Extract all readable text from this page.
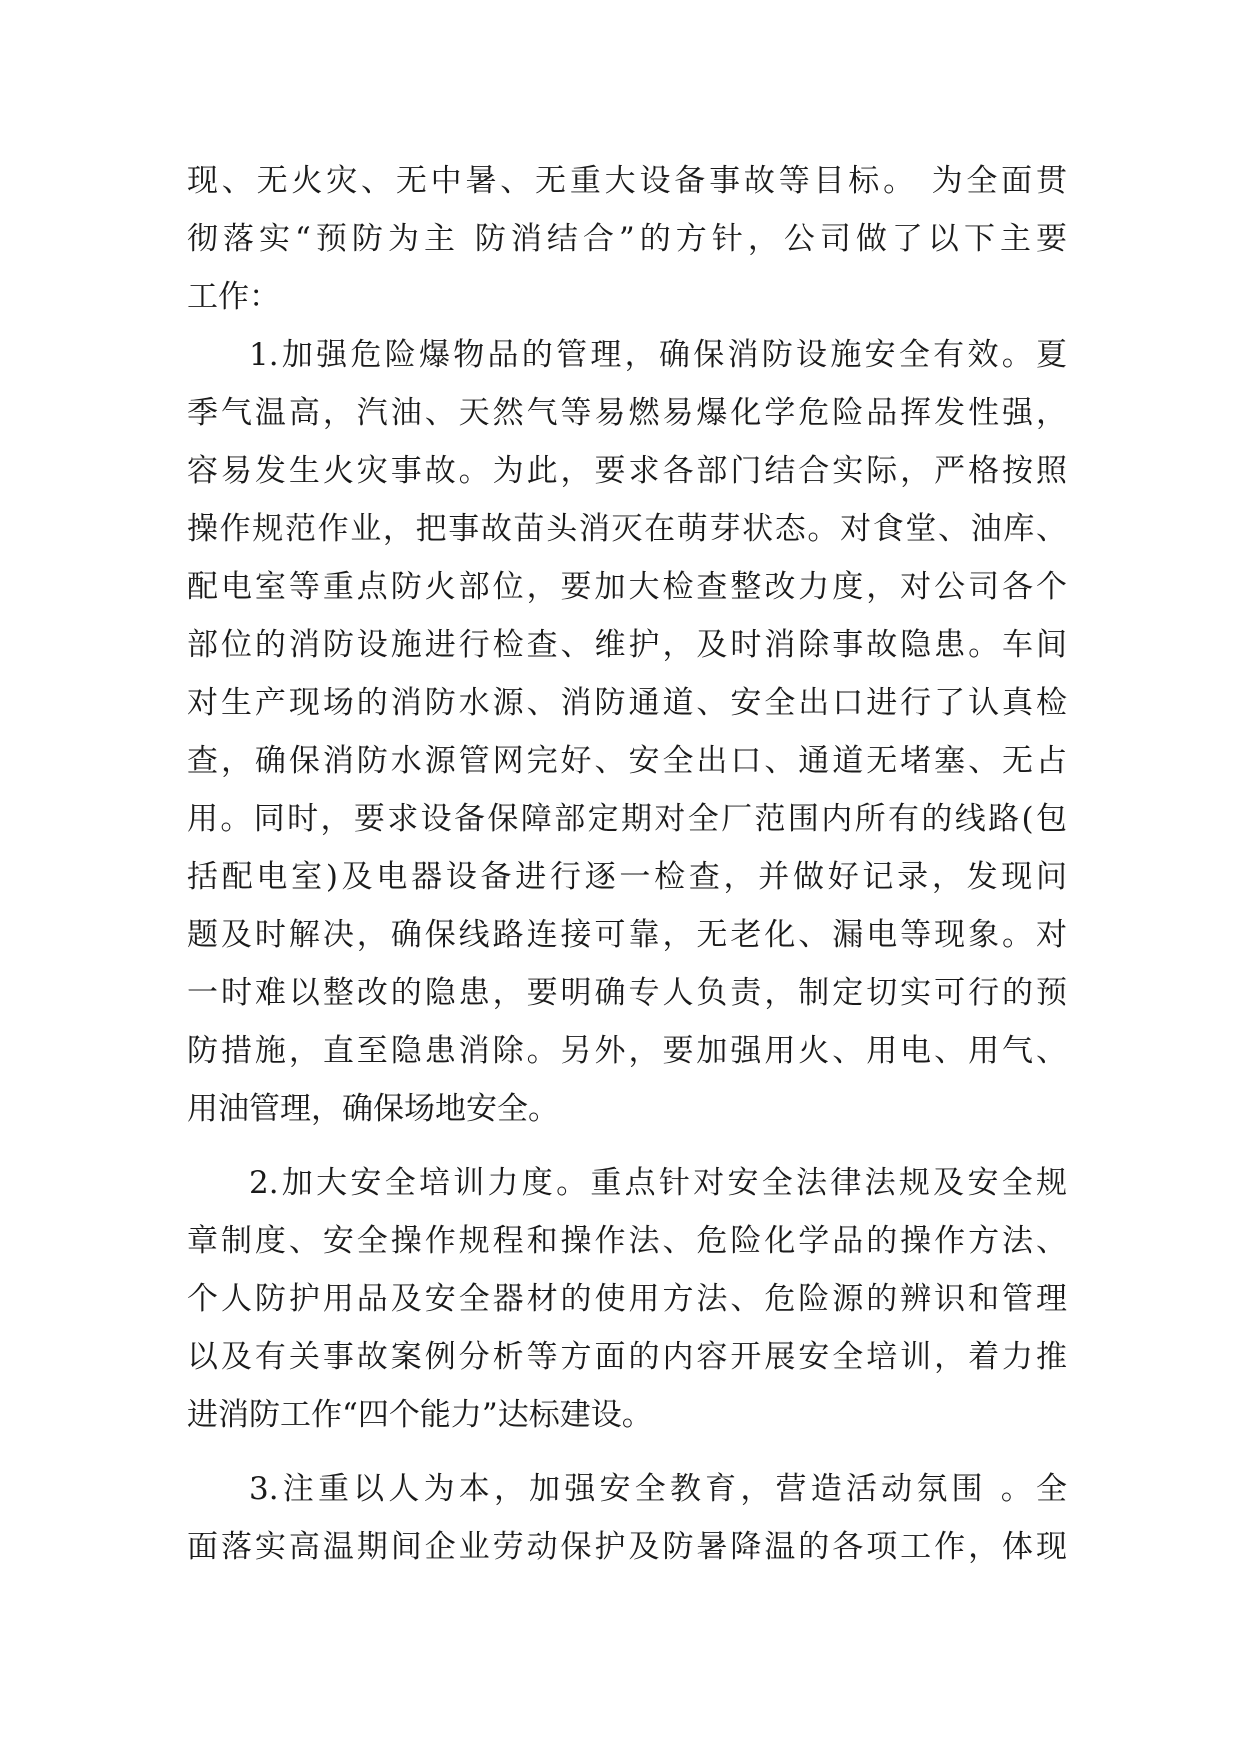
现、无火灾、无中暑、无重大设备事故等目标。 为全面贯
彻落实“预防为主 防消结合”的方针，公司做了以下主要
工作：
1.加强危险爆物品的管理，确保消防设施安全有效。夏
季气温高，汽油、天然气等易燃易爆化学危险品挥发性强，
容易发生火灾事故。为此，要求各部门结合实际，严格按照
操作规范作业，把事故苗头消灭在萌芽状态。对食堂、油库、
配电室等重点防火部位，要加大检查整改力度，对公司各个
部位的消防设施进行检查、维护，及时消除事故隐患。车间
对生产现场的消防水源、消防通道、安全出口进行了认真检
查，确保消防水源管网完好、安全出口、通道无堵塞、无占
用。同时，要求设备保障部定期对全厂范围内所有的线路(包
括配电室)及电器设备进行逐一检查，并做好记录，发现问
题及时解决，确保线路连接可靠，无老化、漏电等现象。对
一时难以整改的隐患，要明确专人负责，制定切实可行的预
防措施，直至隐患消除。另外，要加强用火、用电、用气、
用油管理，确保场地安全。
2.加大安全培训力度。重点针对安全法律法规及安全规
章制度、安全操作规程和操作法、危险化学品的操作方法、
个人防护用品及安全器材的使用方法、危险源的辨识和管理
以及有关事故案例分析等方面的内容开展安全培训，着力推
进消防工作“四个能力”达标建设。
3.注重以人为本，加强安全教育，营造活动氛围 。全
面落实高温期间企业劳动保护及防暑降温的各项工作，体现
